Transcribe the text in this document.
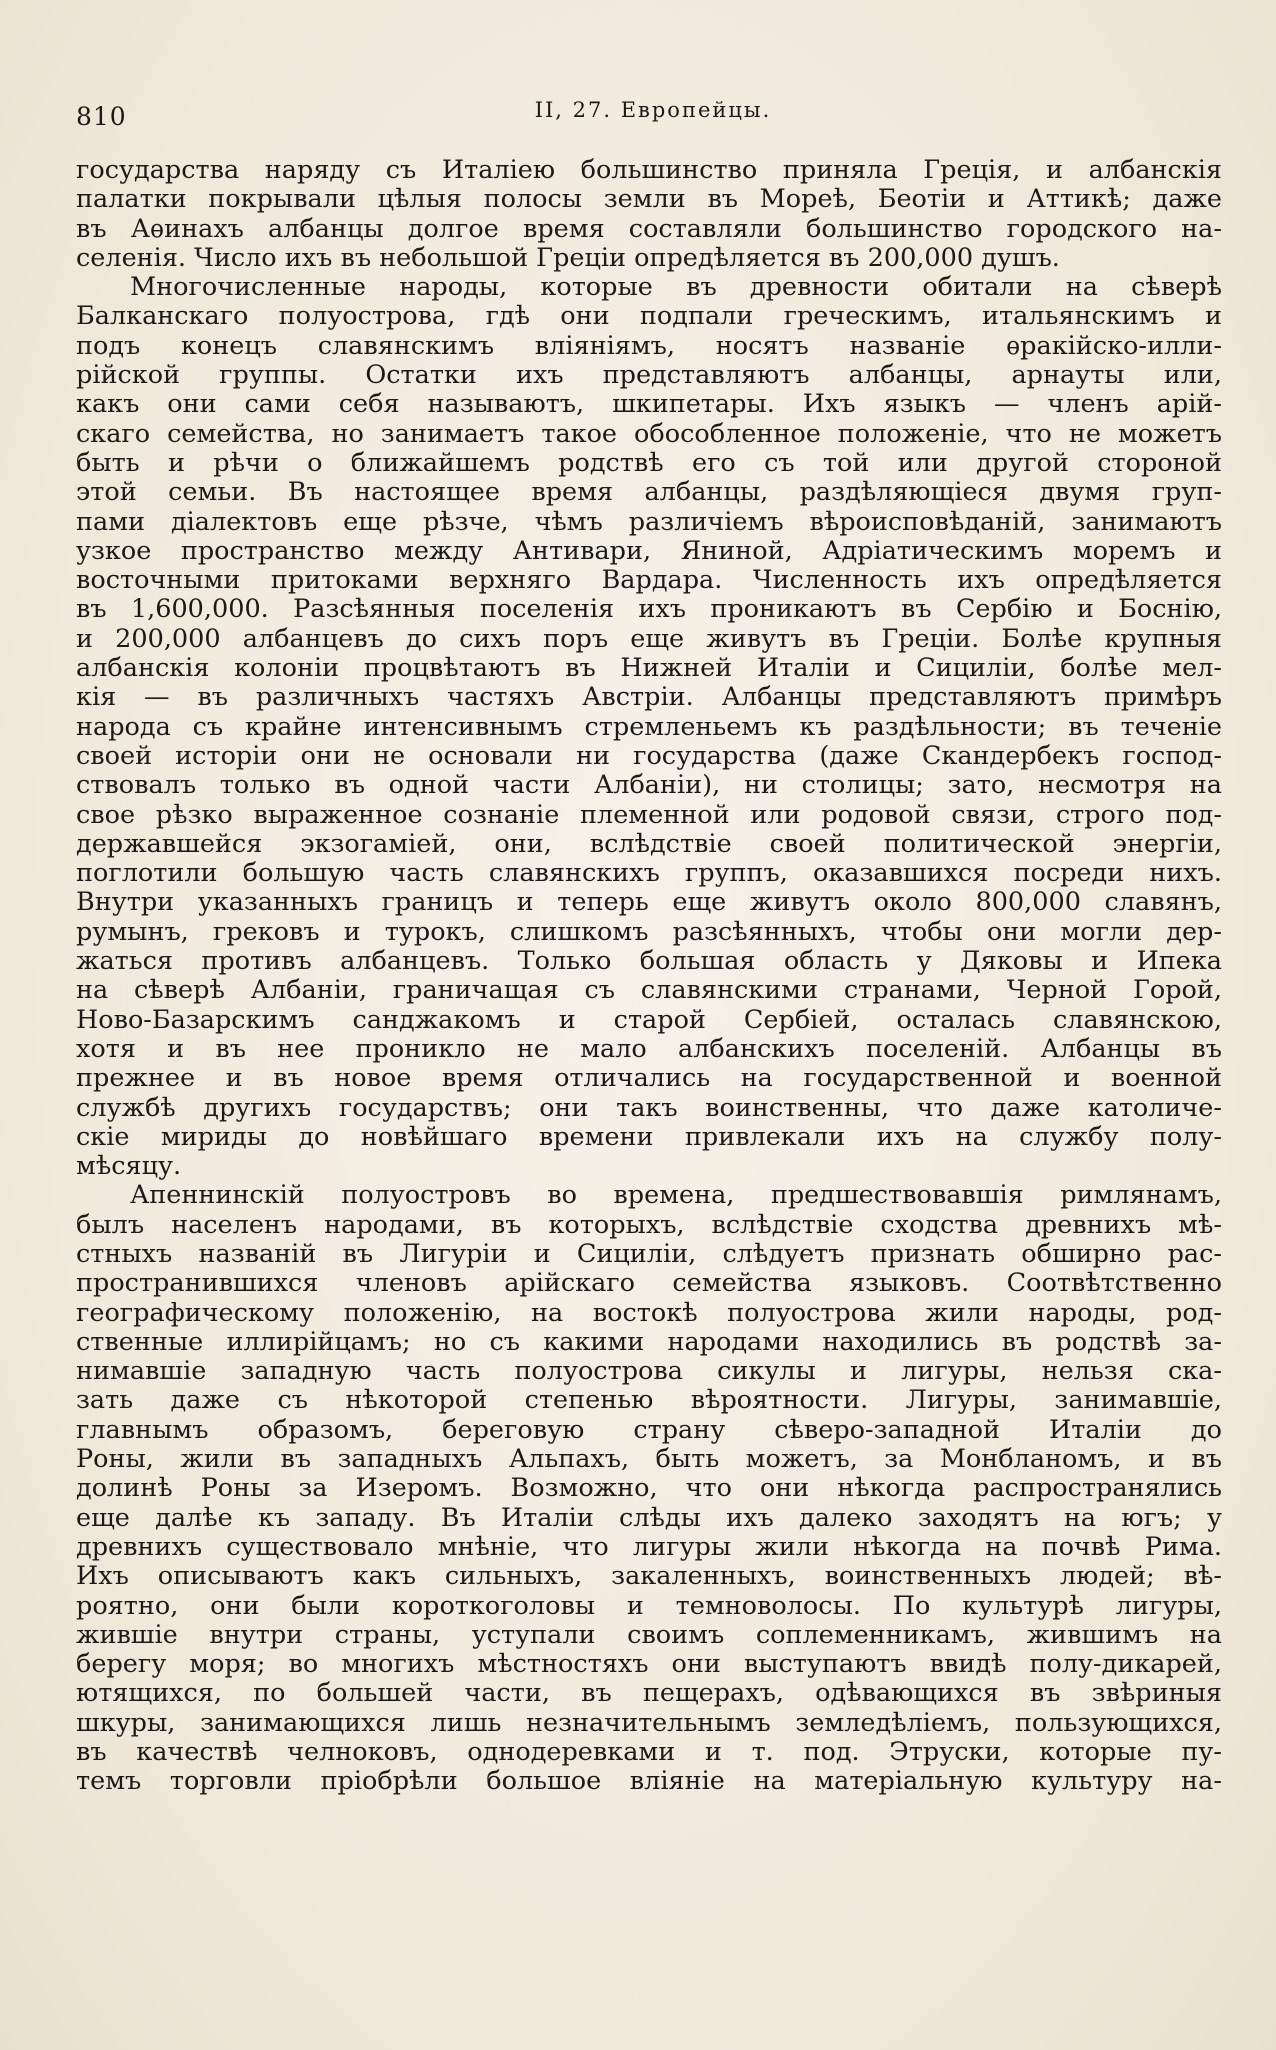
810	II, 27. Европейцы.
государства наряду съ Италіею большинство приняла Греція, и албанскія
палатки покрывали цѣлыя полосы земли въ Мореѣ, Беотіи и Аттикѣ; даже
въ Аѳинахъ албанцы долгое время составляли большинство городского на-
селенія. Число ихъ въ небольшой Греціи опредѣляется въ 200,000 душъ.
Многочисленные народы, которые въ древности обитали на сѣверѣ
Балканскаго полуострова, гдѣ они подпали греческимъ, итальянскимъ и
подъ конецъ славянскимъ вліяніямъ, носятъ названіе ѳракійско-илли-
рійской группы. Остатки ихъ представляютъ албанцы, арнауты или,
какъ они сами себя называютъ, шкипетары. Ихъ языкъ — членъ арій-
скаго семейства, но занимаетъ такое обособленное положеніе, что не можетъ
быть и рѣчи о ближайшемъ родствѣ его съ той или другой стороной
этой семьи. Въ настоящее время албанцы, раздѣляющіеся двумя груп-
пами діалектовъ еще рѣзче, чѣмъ различіемъ вѣроисповѣданій, занимаютъ
узкое пространство между Антивари, Яниной, Адріатическимъ моремъ и
восточными притоками верхняго Вардара. Численность ихъ опредѣляется
въ 1,600,000. Разсѣянныя поселенія ихъ проникаютъ въ Сербію и Боснію,
и 200,000 албанцевъ до сихъ поръ еще живутъ въ Греціи. Болѣе крупныя
албанскія колоніи процвѣтаютъ въ Нижней Италіи и Сициліи, болѣе мел-
кія — въ различныхъ частяхъ Австріи. Албанцы представляютъ примѣръ
народа съ крайне интенсивнымъ стремленьемъ къ раздѣльности; въ теченіе
своей исторіи они не основали ни государства (даже Скандербекъ господ-
ствовалъ только въ одной части Албаніи), ни столицы; зато, несмотря на
свое рѣзко выраженное сознаніе племенной или родовой связи, строго под-
державшейся экзогаміей, они, вслѣдствіе своей политической энергіи,
поглотили большую часть славянскихъ группъ, оказавшихся посреди нихъ.
Внутри указанныхъ границъ и теперь еще живутъ около 800,000 славянъ,
румынъ, грековъ и турокъ, слишкомъ разсѣянныхъ, чтобы они могли дер-
жаться противъ албанцевъ. Только большая область у Дяковы и Ипека
на сѣверѣ Албаніи, граничащая съ славянскими странами, Черной Горой,
Ново-Базарскимъ санджакомъ и старой Сербіей, осталась славянскою,
хотя и въ нее проникло не мало албанскихъ поселеній. Албанцы въ
прежнее и въ новое время отличались на государственной и военной
службѣ другихъ государствъ; они такъ воинственны, что даже католиче-
скіе мириды до новѣйшаго времени привлекали ихъ на службу полу-
мѣсяцу.
Апеннинскій полуостровъ во времена, предшествовавшія римлянамъ,
былъ населенъ народами, въ которыхъ, вслѣдствіе сходства древнихъ мѣ-
стныхъ названій въ Лигуріи и Сициліи, слѣдуетъ признать обширно рас-
пространившихся членовъ арійскаго семейства языковъ. Соотвѣтственно
географическому положенію, на востокѣ полуострова жили народы, род-
ственные иллирійцамъ; но съ какими народами находились въ родствѣ за-
нимавшіе западную часть полуострова сикулы и лигуры, нельзя ска-
зать даже съ нѣкоторой степенью вѣроятности. Лигуры, занимавшіе,
главнымъ образомъ, береговую страну сѣверо-западной Италіи до
Роны, жили въ западныхъ Альпахъ, быть можетъ, за Монбланомъ, и въ
долинѣ Роны за Изеромъ. Возможно, что они нѣкогда распространялись
еще далѣе къ западу. Въ Италіи слѣды ихъ далеко заходятъ на югъ; у
древнихъ существовало мнѣніе, что лигуры жили нѣкогда на почвѣ Рима.
Ихъ описываютъ какъ сильныхъ, закаленныхъ, воинственныхъ людей; вѣ-
роятно, они были короткоголовы и темноволосы. По культурѣ лигуры,
жившіе внутри страны, уступали своимъ соплеменникамъ, жившимъ на
берегу моря; во многихъ мѣстностяхъ они выступаютъ ввидѣ полу-дикарей,
ютящихся, по большей части, въ пещерахъ, одѣвающихся въ звѣриныя
шкуры, занимающихся лишь незначительнымъ земледѣліемъ, пользующихся,
въ качествѣ челноковъ, однодеревками и т. под. Этруски, которые пу-
темъ торговли пріобрѣли большое вліяніе на матеріальную культуру на-
